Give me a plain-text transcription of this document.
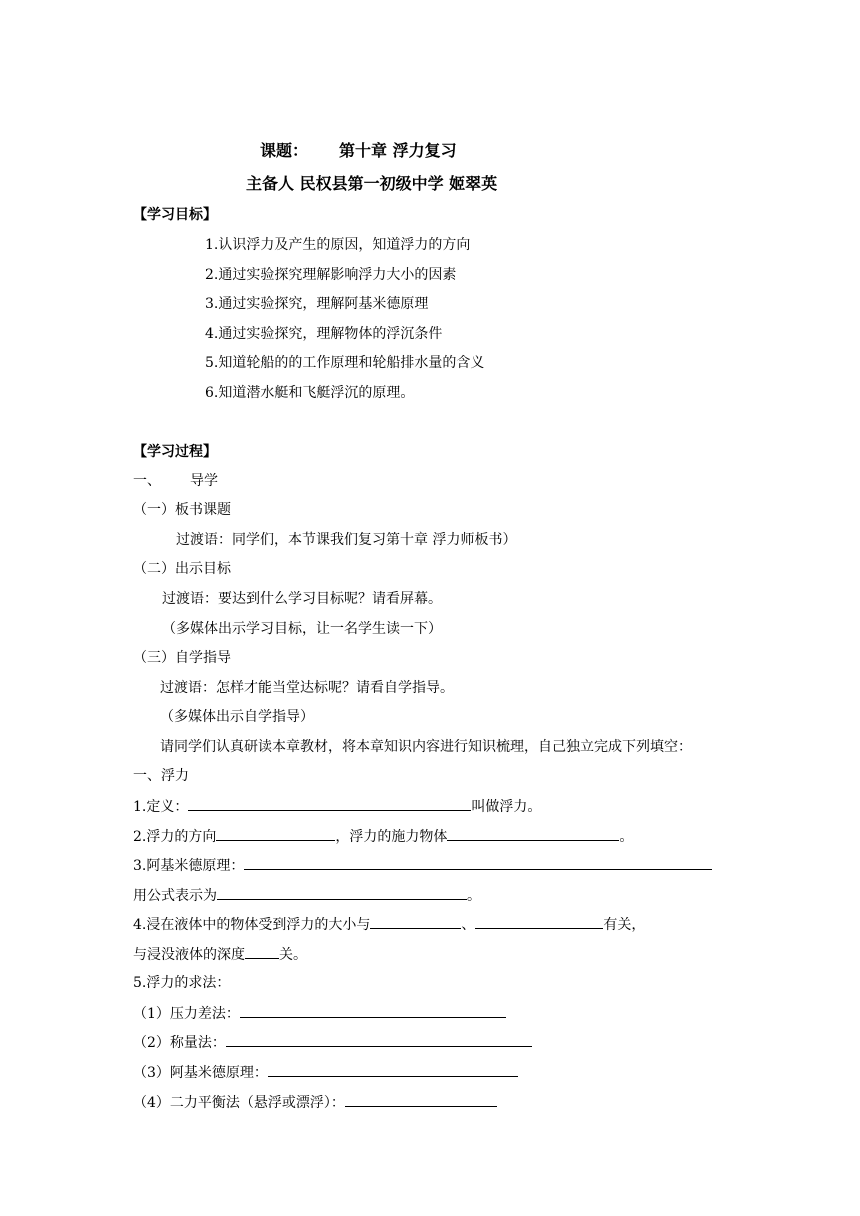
课题： 第十章 浮力复习
主备人 民权县第一初级中学 姬翠英
【学习目标】
1.认识浮力及产生的原因，知道浮力的方向
2.通过实验探究理解影响浮力大小的因素
3.通过实验探究，理解阿基米德原理
4.通过实验探究，理解物体的浮沉条件
5.知道轮船的的工作原理和轮船排水量的含义
6.知道潜水艇和飞艇浮沉的原理。
【学习过程】
一、 导学
（一）板书课题
过渡语：同学们，本节课我们复习第十章 浮力师板书）
（二）出示目标
过渡语：要达到什么学习目标呢？请看屏幕。
（多媒体出示学习目标，让一名学生读一下）
（三）自学指导
过渡语：怎样才能当堂达标呢？请看自学指导。
（多媒体出示自学指导）
请同学们认真研读本章教材，将本章知识内容进行知识梳理，自己独立完成下列填空：
一、浮力
1.定义：	叫做浮力。
2.浮力的方向	，浮力的施力物体	。
3.阿基米德原理：
用公式表示为	。
4.浸在液体中的物体受到浮力的大小与	、	有关，
与浸没液体的深度 关。
5.浮力的求法：
（1）压力差法：
（2）称量法：
（3）阿基米德原理：
（4）二力平衡法（悬浮或漂浮）：
